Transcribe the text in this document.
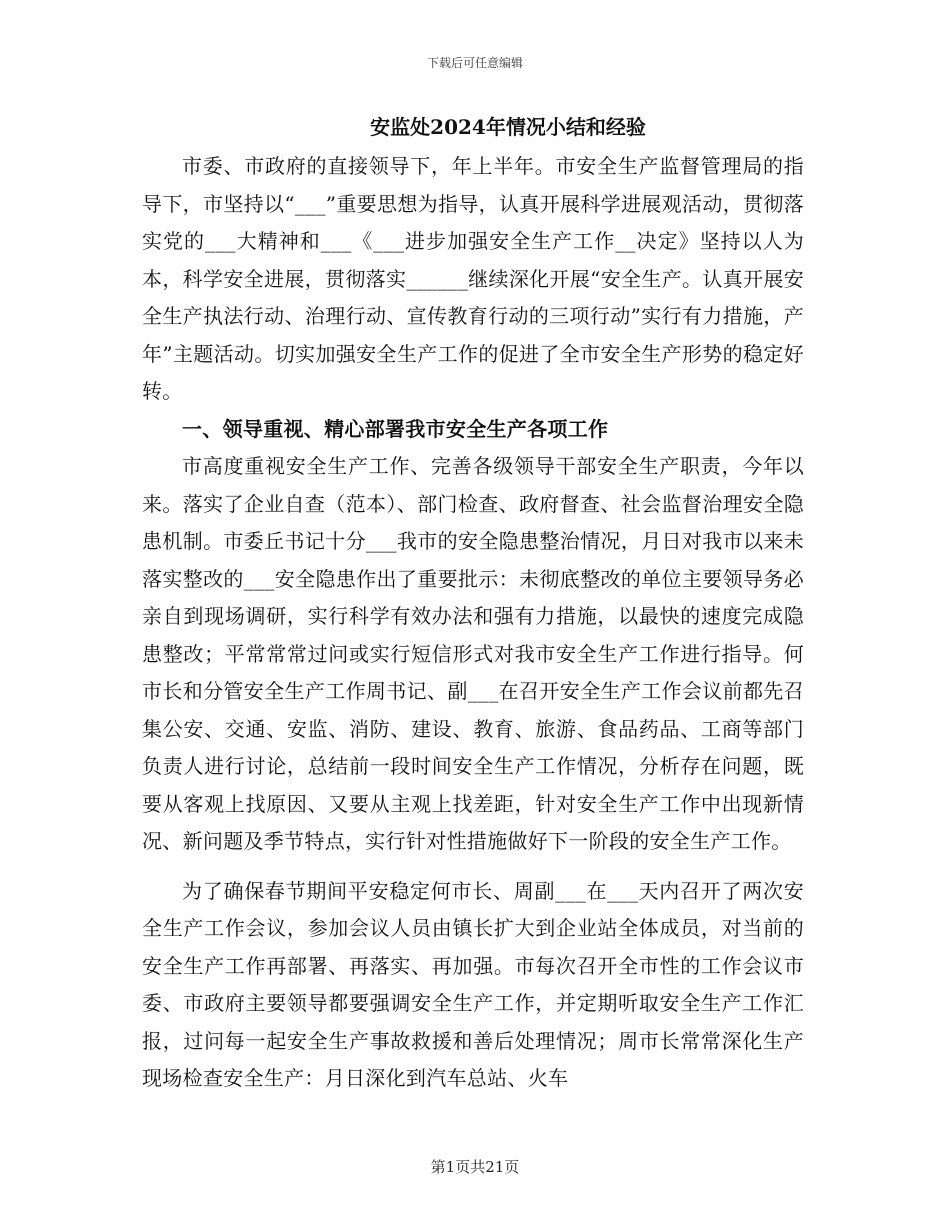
下载后可任意编辑
安监处2024年情况小结和经验

市委、市政府的直接领导下，年上半年。市安全生产监督管理局的指导下，市坚持以“___”重要思想为指导，认真开展科学进展观活动，贯彻落实党的___大精神和___《___进步加强安全生产工作__决定》坚持以人为本，科学安全进展，贯彻落实______继续深化开展“安全生产。认真开展安全生产执法行动、治理行动、宣传教育行动的三项行动”实行有力措施，产年”主题活动。切实加强安全生产工作的促进了全市安全生产形势的稳定好转。

一、领导重视、精心部署我市安全生产各项工作

市高度重视安全生产工作、完善各级领导干部安全生产职责，今年以来。落实了企业自查（范本）、部门检查、政府督查、社会监督治理安全隐患机制。市委丘书记十分___我市的安全隐患整治情况，月日对我市以来未落实整改的___安全隐患作出了重要批示：未彻底整改的单位主要领导务必亲自到现场调研，实行科学有效办法和强有力措施，以最快的速度完成隐患整改；平常常常过问或实行短信形式对我市安全生产工作进行指导。何市长和分管安全生产工作周书记、副___在召开安全生产工作会议前都先召集公安、交通、安监、消防、建设、教育、旅游、食品药品、工商等部门负责人进行讨论，总结前一段时间安全生产工作情况，分析存在问题，既要从客观上找原因、又要从主观上找差距，针对安全生产工作中出现新情况、新问题及季节特点，实行针对性措施做好下一阶段的安全生产工作。

为了确保春节期间平安稳定何市长、周副___在___天内召开了两次安全生产工作会议，参加会议人员由镇长扩大到企业站全体成员，对当前的安全生产工作再部署、再落实、再加强。市每次召开全市性的工作会议市委、市政府主要领导都要强调安全生产工作，并定期听取安全生产工作汇报，过问每一起安全生产事故救援和善后处理情况；周市长常常深化生产现场检查安全生产：月日深化到汽车总站、火车

第1页共21页
